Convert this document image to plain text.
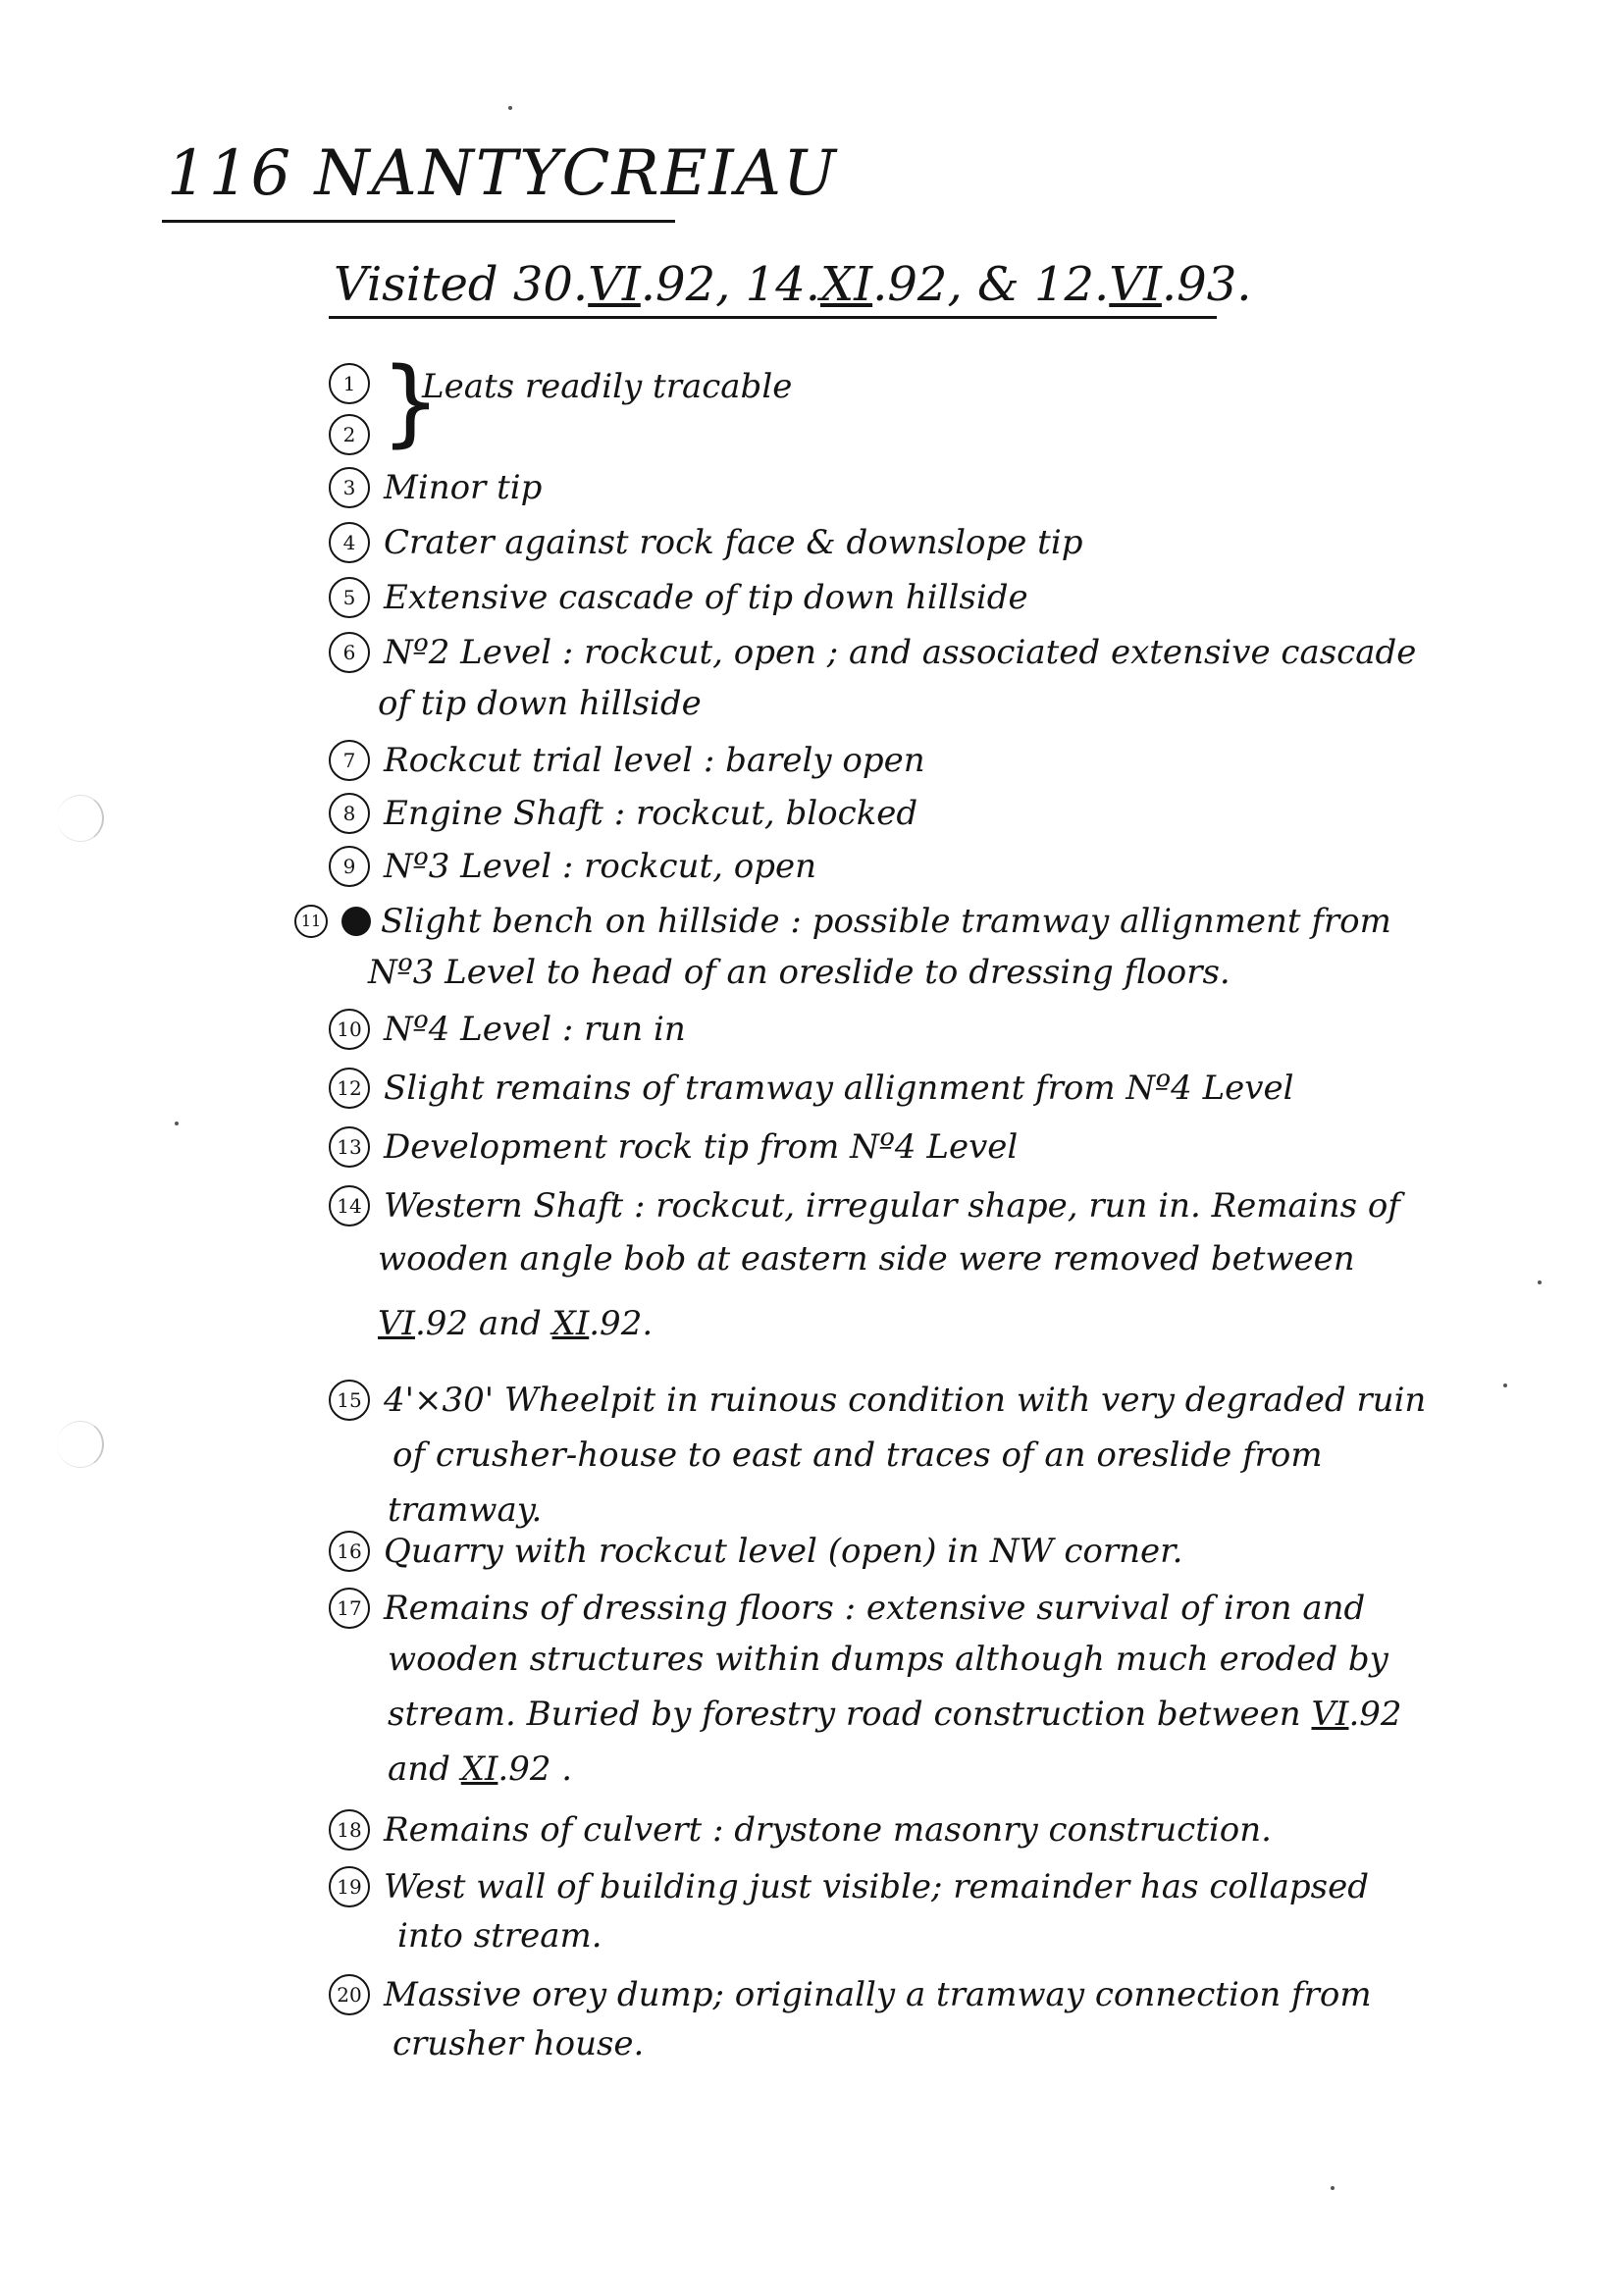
116 NANTYCREIAU
Visited 30.VI.92, 14.XI.92, & 12.VI.93.
1
2 }
Leats readily tracable
3 Minor tip
4 Crater against rock face & downslope tip
5 Extensive cascade of tip down hillside
6 Nº2 Level : rockcut, open ; and associated extensive cascade
of tip down hillside
7 Rockcut trial level : barely open
8 Engine Shaft : rockcut, blocked
9 Nº3 Level : rockcut, open
11 Slight bench on hillside : possible tramway allignment from
Nº3 Level to head of an oreslide to dressing floors.
10 Nº4 Level : run in
12 Slight remains of tramway allignment from Nº4 Level
13 Development rock tip from Nº4 Level
14 Western Shaft : rockcut, irregular shape, run in. Remains of
wooden angle bob at eastern side were removed between
VI.92 and XI.92.
15 4'×30' Wheelpit in ruinous condition with very degraded ruin
of crusher-house to east and traces of an oreslide from
tramway.
16 Quarry with rockcut level (open) in NW corner.
17 Remains of dressing floors : extensive survival of iron and
wooden structures within dumps although much eroded by
stream. Buried by forestry road construction between VI.92
and XI.92 .
18 Remains of culvert : drystone masonry construction.
19 West wall of building just visible; remainder has collapsed
into stream.
20 Massive orey dump; originally a tramway connection from
crusher house.
